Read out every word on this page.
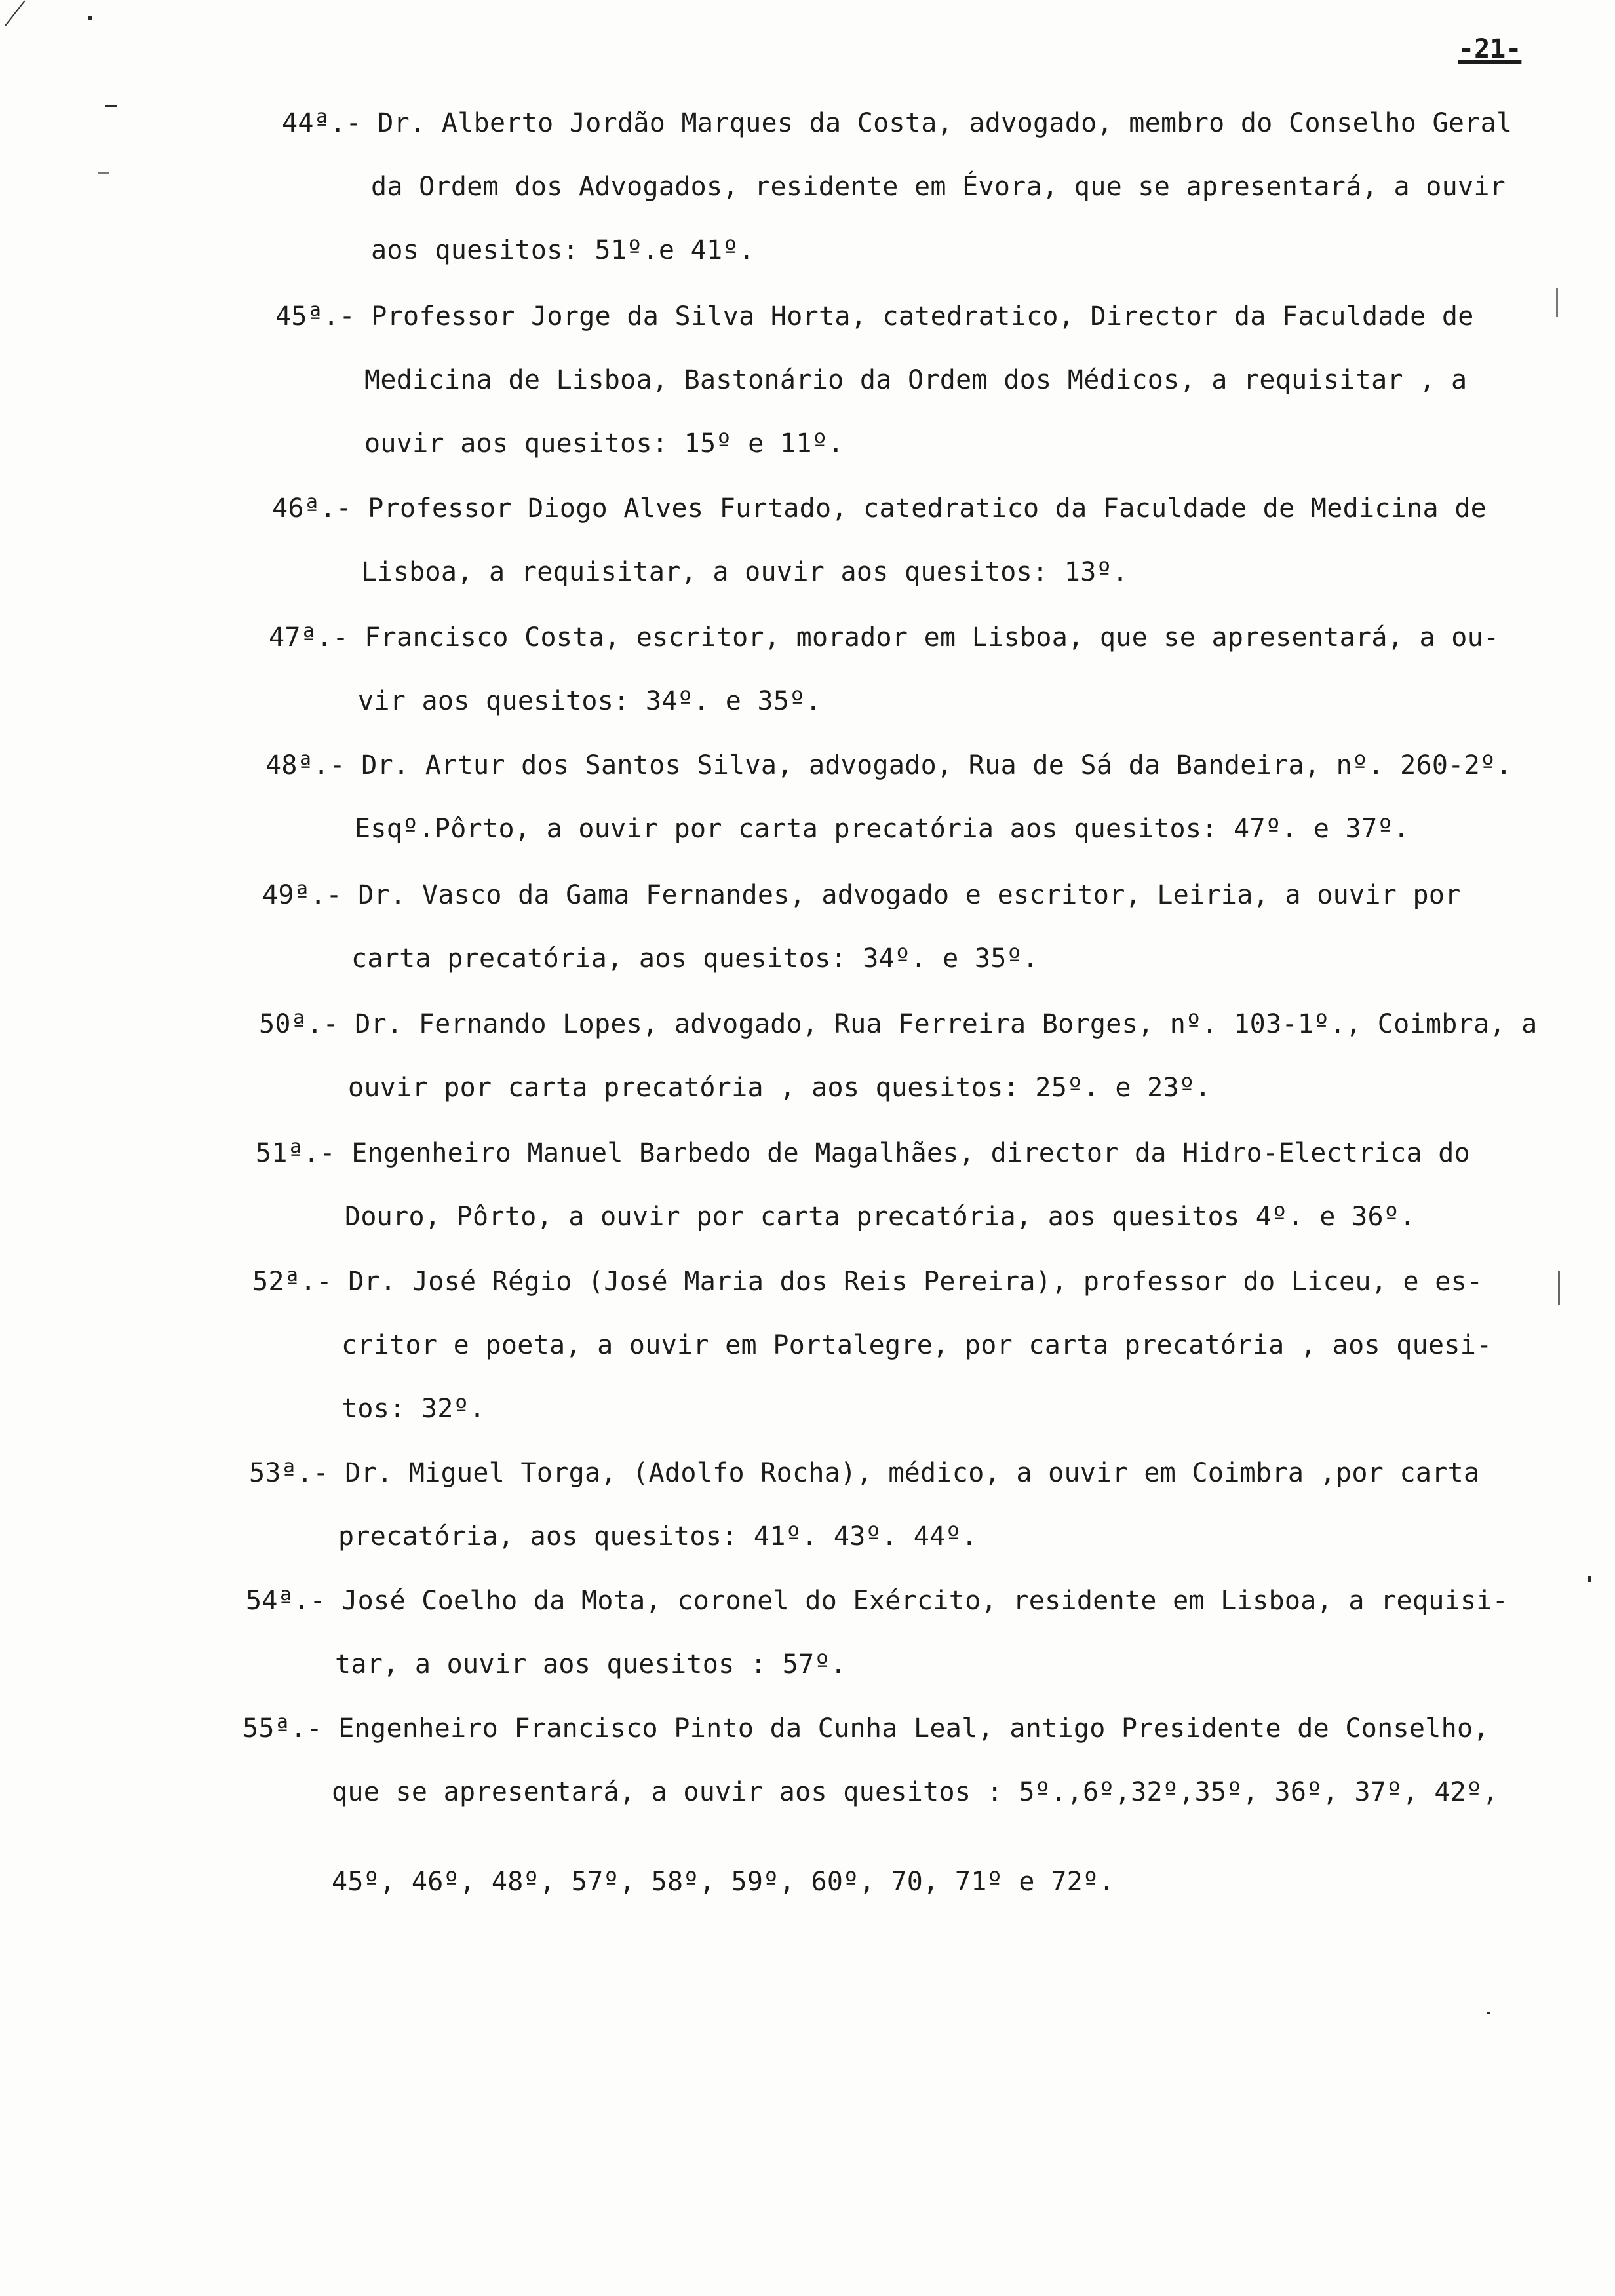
-21-
44ª.- Dr. Alberto Jordão Marques da Costa, advogado, membro do Conselho Geral
da Ordem dos Advogados, residente em Évora, que se apresentará, a ouvir
aos quesitos: 51º.e 41º.
45ª.- Professor Jorge da Silva Horta, catedratico, Director da Faculdade de
Medicina de Lisboa, Bastonário da Ordem dos Médicos, a requisitar , a
ouvir aos quesitos: 15º e 11º.
46ª.- Professor Diogo Alves Furtado, catedratico da Faculdade de Medicina de
Lisboa, a requisitar, a ouvir aos quesitos: 13º.
47ª.- Francisco Costa, escritor, morador em Lisboa, que se apresentará, a ou-
vir aos quesitos: 34º. e 35º.
48ª.- Dr. Artur dos Santos Silva, advogado, Rua de Sá da Bandeira, nº. 260-2º.
Esqº.Pôrto, a ouvir por carta precatória aos quesitos: 47º. e 37º.
49ª.- Dr. Vasco da Gama Fernandes, advogado e escritor, Leiria, a ouvir por
carta precatória, aos quesitos: 34º. e 35º.
50ª.- Dr. Fernando Lopes, advogado, Rua Ferreira Borges, nº. 103-1º., Coimbra, a
ouvir por carta precatória , aos quesitos: 25º. e 23º.
51ª.- Engenheiro Manuel Barbedo de Magalhães, director da Hidro-Electrica do
Douro, Pôrto, a ouvir por carta precatória, aos quesitos 4º. e 36º.
52ª.- Dr. José Régio (José Maria dos Reis Pereira), professor do Liceu, e es-
critor e poeta, a ouvir em Portalegre, por carta precatória , aos quesi-
tos: 32º.
53ª.- Dr. Miguel Torga, (Adolfo Rocha), médico, a ouvir em Coimbra ,por carta
precatória, aos quesitos: 41º. 43º. 44º.
54ª.- José Coelho da Mota, coronel do Exército, residente em Lisboa, a requisi-
tar, a ouvir aos quesitos : 57º.
55ª.- Engenheiro Francisco Pinto da Cunha Leal, antigo Presidente de Conselho,
que se apresentará, a ouvir aos quesitos : 5º.,6º,32º,35º, 36º, 37º, 42º,
45º, 46º, 48º, 57º, 58º, 59º, 60º, 70, 71º e 72º.
